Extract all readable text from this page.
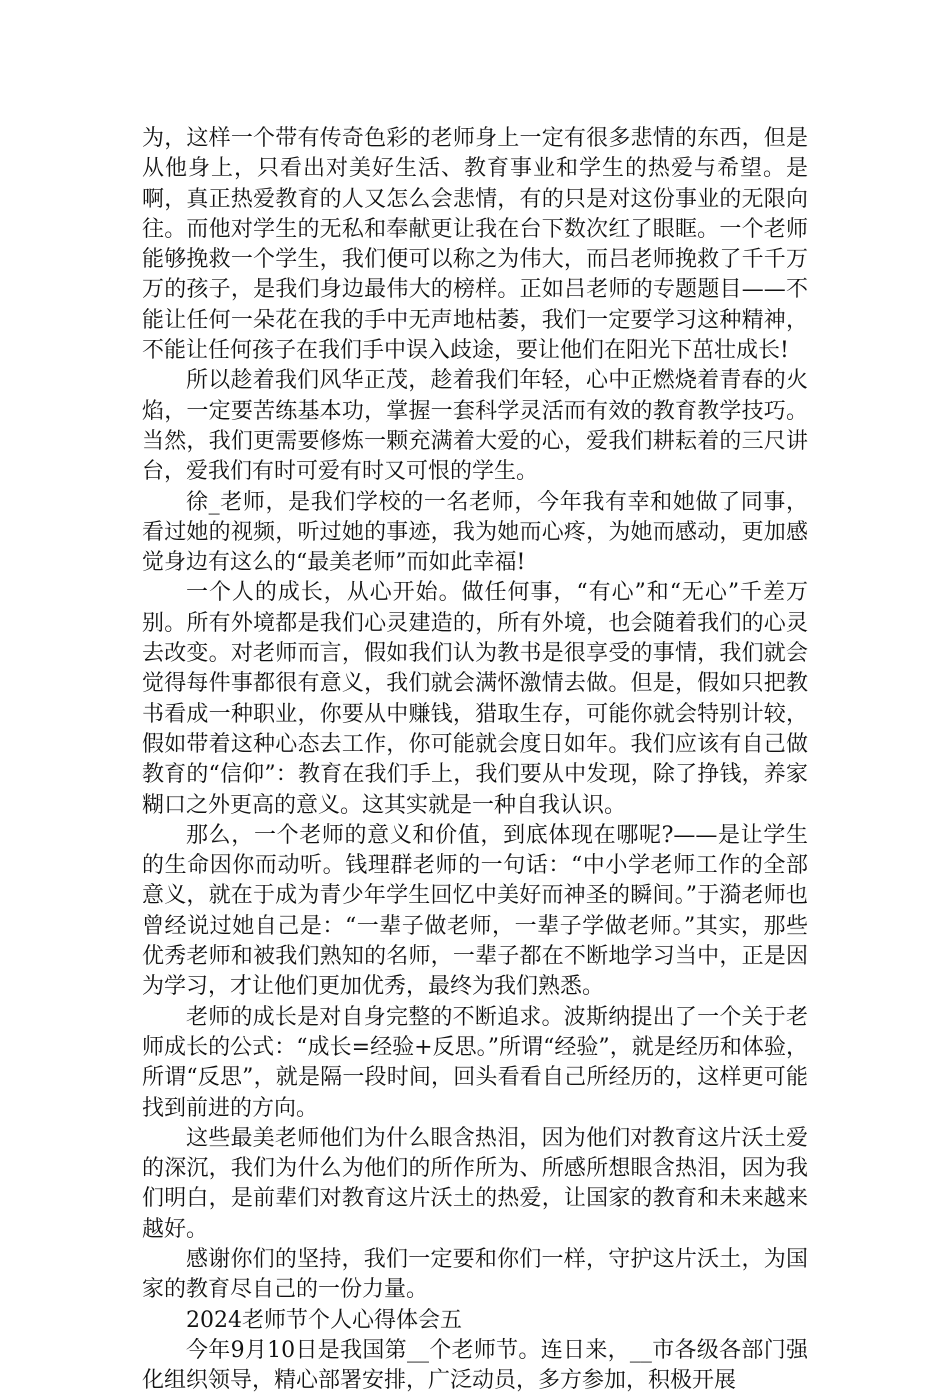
为，这样一个带有传奇色彩的老师身上一定有很多悲情的东西，但是从他身上，只看出对美好生活、教育事业和学生的热爱与希望。是啊，真正热爱教育的人又怎么会悲情，有的只是对这份事业的无限向往。而他对学生的无私和奉献更让我在台下数次红了眼眶。一个老师能够挽救一个学生，我们便可以称之为伟大，而吕老师挽救了千千万万的孩子，是我们身边最伟大的榜样。正如吕老师的专题题目——不能让任何一朵花在我的手中无声地枯萎，我们一定要学习这种精神，不能让任何孩子在我们手中误入歧途，要让他们在阳光下茁壮成长!

所以趁着我们风华正茂，趁着我们年轻，心中正燃烧着青春的火焰，一定要苦练基本功，掌握一套科学灵活而有效的教育教学技巧。当然，我们更需要修炼一颗充满着大爱的心，爱我们耕耘着的三尺讲台，爱我们有时可爱有时又可恨的学生。

徐_老师，是我们学校的一名老师，今年我有幸和她做了同事，看过她的视频，听过她的事迹，我为她而心疼，为她而感动，更加感觉身边有这么的“最美老师”而如此幸福!

一个人的成长，从心开始。做任何事，“有心”和“无心”千差万别。所有外境都是我们心灵建造的，所有外境，也会随着我们的心灵去改变。对老师而言，假如我们认为教书是很享受的事情，我们就会觉得每件事都很有意义，我们就会满怀激情去做。但是，假如只把教书看成一种职业，你要从中赚钱，猎取生存，可能你就会特别计较，假如带着这种心态去工作，你可能就会度日如年。我们应该有自己做教育的“信仰”：教育在我们手上，我们要从中发现，除了挣钱，养家糊口之外更高的意义。这其实就是一种自我认识。

那么，一个老师的意义和价值，到底体现在哪呢?——是让学生的生命因你而动听。钱理群老师的一句话：“中小学老师工作的全部意义，就在于成为青少年学生回忆中美好而神圣的瞬间。”于漪老师也曾经说过她自己是：“一辈子做老师，一辈子学做老师。”其实，那些优秀老师和被我们熟知的名师，一辈子都在不断地学习当中，正是因为学习，才让他们更加优秀，最终为我们熟悉。

老师的成长是对自身完整的不断追求。波斯纳提出了一个关于老师成长的公式：“成长=经验+反思。”所谓“经验”，就是经历和体验，所谓“反思”，就是隔一段时间，回头看看自己所经历的，这样更可能找到前进的方向。

这些最美老师他们为什么眼含热泪，因为他们对教育这片沃土爱的深沉，我们为什么为他们的所作所为、所感所想眼含热泪，因为我们明白，是前辈们对教育这片沃土的热爱，让国家的教育和未来越来越好。

感谢你们的坚持，我们一定要和你们一样，守护这片沃土，为国家的教育尽自己的一份力量。

2024老师节个人心得体会五

今年9月10日是我国第__个老师节。连日来，__市各级各部门强化组织领导，精心部署安排，广泛动员，多方参加，积极开展
